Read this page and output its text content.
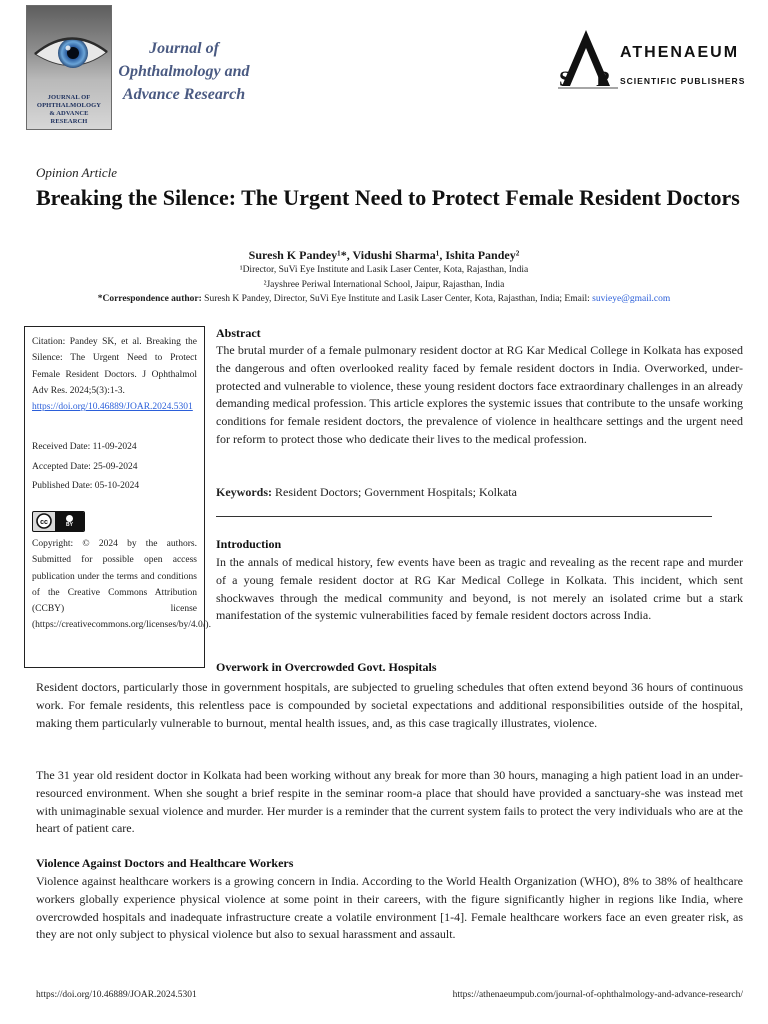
JOURNAL OF
OPHTHALMOLOGY
& ADVANCE
RESEARCH
Journal of Ophthalmology and Advance Research
S P
ATHENAEUM
SCIENTIFIC PUBLISHERS
Opinion Article
Breaking the Silence: The Urgent Need to Protect Female Resident Doctors
Suresh K Pandey¹*, Vidushi Sharma¹, Ishita Pandey²
¹Director, SuVi Eye Institute and Lasik Laser Center, Kota, Rajasthan, India
²Jayshree Periwal International School, Jaipur, Rajasthan, India
*Correspondence author: Suresh K Pandey, Director, SuVi Eye Institute and Lasik Laser Center, Kota, Rajasthan, India; Email: suvieye@gmail.com
Citation: Pandey SK, et al. Breaking the Silence: The Urgent Need to Protect Female Resident Doctors. J Ophthalmol Adv Res. 2024;5(3):1-3.
https://doi.org/10.46889/JOAR.2024.5301
Received Date: 11-09-2024
Accepted Date: 25-09-2024
Published Date: 05-10-2024
cc	BY
Copyright: © 2024 by the authors. Submitted for possible open access publication under the terms and conditions of the Creative Commons Attribution (CCBY) license (https://creativecommons.org/licenses/by/4.0/).
Abstract
The brutal murder of a female pulmonary resident doctor at RG Kar Medical College in Kolkata has exposed the dangerous and often overlooked reality faced by female resident doctors in India. Overworked, under-protected and vulnerable to violence, these young resident doctors face extraordinary challenges in an already demanding medical profession. This article explores the systemic issues that contribute to the unsafe working conditions for female resident doctors, the prevalence of violence in healthcare settings and the urgent need for reform to protect those who dedicate their lives to the medical profession.
Keywords: Resident Doctors; Government Hospitals; Kolkata
Introduction
In the annals of medical history, few events have been as tragic and revealing as the recent rape and murder of a young female resident doctor at RG Kar Medical College in Kolkata. This incident, which sent shockwaves through the medical community and beyond, is not merely an isolated crime but a stark manifestation of the systemic vulnerabilities faced by female resident doctors across India.
Overwork in Overcrowded Govt. Hospitals
Resident doctors, particularly those in government hospitals, are subjected to grueling schedules that often extend beyond 36 hours of continuous work. For female residents, this relentless pace is compounded by societal expectations and additional responsibilities outside of the hospital, making them particularly vulnerable to burnout, mental health issues, and, as this case tragically illustrates, violence.
The 31 year old resident doctor in Kolkata had been working without any break for more than 30 hours, managing a high patient load in an under-resourced environment. When she sought a brief respite in the seminar room-a place that should have provided a sanctuary-she was instead met with unimaginable sexual violence and murder. Her murder is a reminder that the current system fails to protect the very individuals who are at the heart of patient care.
Violence Against Doctors and Healthcare Workers
Violence against healthcare workers is a growing concern in India. According to the World Health Organization (WHO), 8% to 38% of healthcare workers globally experience physical violence at some point in their careers, with the figure significantly higher in regions like India, where overcrowded hospitals and inadequate infrastructure create a volatile environment [1-4]. Female healthcare workers face an even greater risk, as they are not only subject to physical violence but also to sexual harassment and assault.
https://doi.org/10.46889/JOAR.2024.5301	https://athenaeumpub.com/journal-of-ophthalmology-and-advance-research/
